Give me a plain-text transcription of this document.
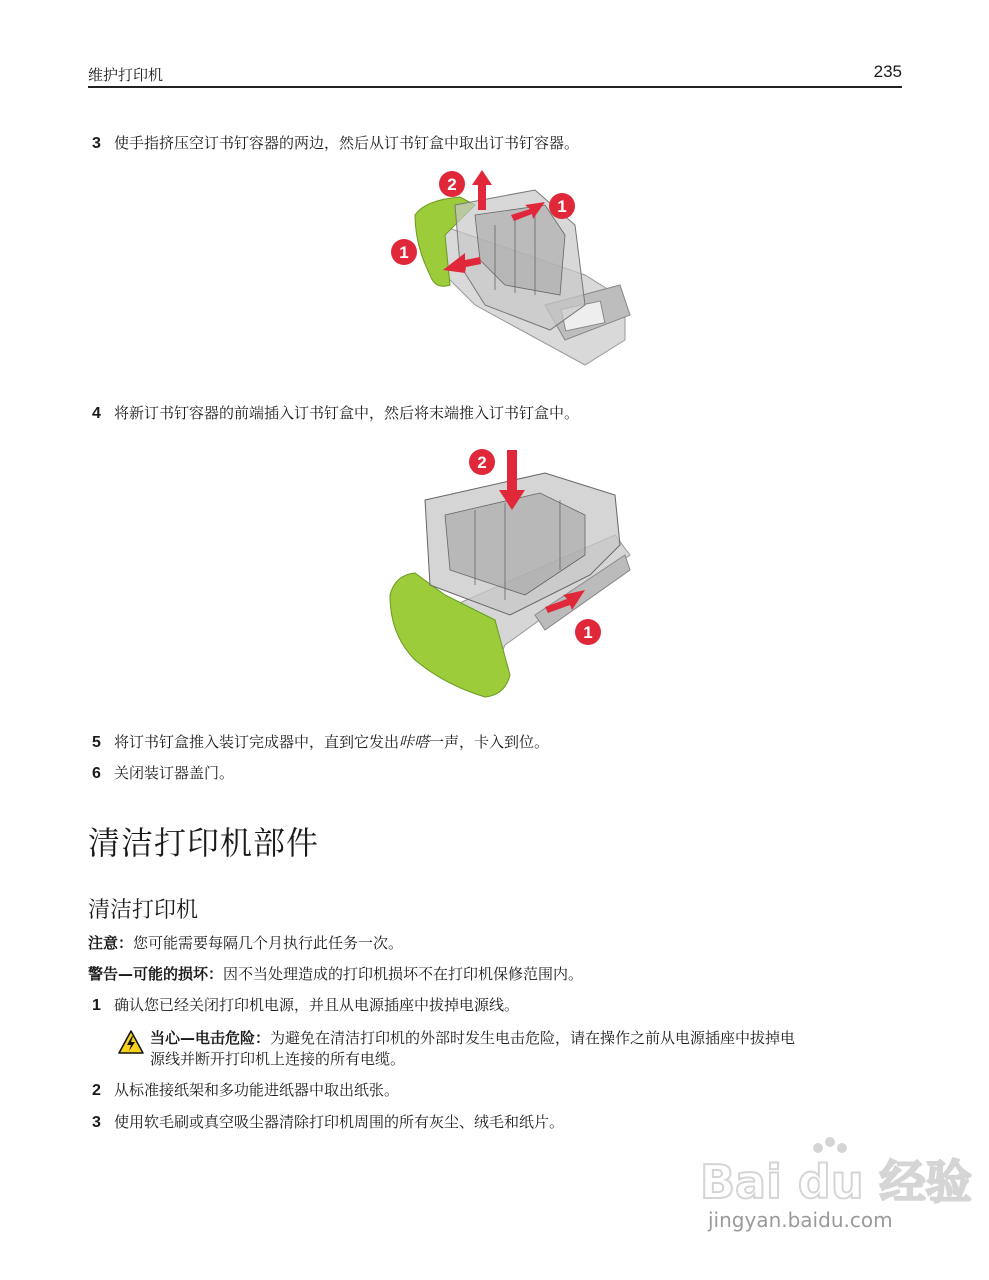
维护打印机	235
3 使手指挤压空订书钉容器的两边，然后从订书钉盒中取出订书钉容器。
2
1
1
4 将新订书钉容器的前端插入订书钉盒中，然后将末端推入订书钉盒中。
2
1
5 将订书钉盒推入装订完成器中，直到它发出咔嗒一声，卡入到位。
6 关闭装订器盖门。
清洁打印机部件
清洁打印机
注意：您可能需要每隔几个月执行此任务一次。
警告—可能的损坏：因不当处理造成的打印机损坏不在打印机保修范围内。
1 确认您已经关闭打印机电源，并且从电源插座中拔掉电源线。
当心—电击危险：为避免在清洁打印机的外部时发生电击危险，请在操作之前从电源插座中拔掉电
源线并断开打印机上连接的所有电缆。
2 从标准接纸架和多功能进纸器中取出纸张。
3 使用软毛刷或真空吸尘器清除打印机周围的所有灰尘、绒毛和纸片。
Bai du 经验
jingyan.baidu.com
